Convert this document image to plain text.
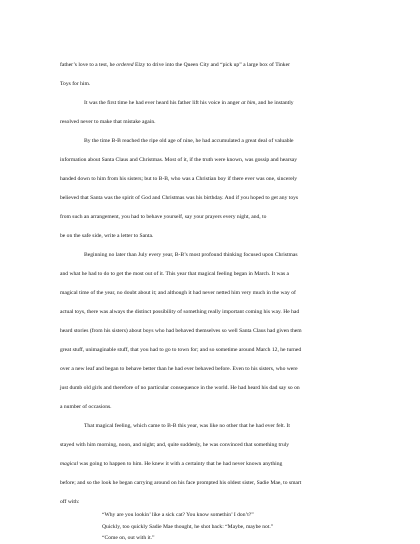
father’s love to a test, he ordered Elzy to drive into the Queen City and “pick up” a large box of Tinker
Toys for him.
It was the first time he had ever heard his father lift his voice in anger at him, and he instantly
resolved never to make that mistake again.
By the time B-B reached the ripe old age of nine, he had accumulated a great deal of valuable
information about Santa Claus and Christmas. Most of it, if the truth were known, was gossip and hearsay
handed down to him from his sisters; but to B-B, who was a Christian boy if there ever was one, sincerely
believed that Santa was the spirit of God and Christmas was his birthday. And if you hoped to get any toys
from such an arrangement, you had to behave yourself, say your prayers every night, and, to
be on the safe side, write a letter to Santa.
Beginning no later than July every year, B-B’s most profound thinking focused upon Christmas
and what he had to do to get the most out of it. This year that magical feeling began in March. It was a
magical time of the year, no doubt about it; and although it had never netted him very much in the way of
actual toys, there was always the distinct possibility of something really important coming his way. He had
heard stories (from his sisters) about boys who had behaved themselves so well Santa Claus had given them
great stuff, unimaginable stuff, that you had to go to town for; and so sometime around March 12, he turned
over a new leaf and began to behave better than he had ever behaved before. Even to his sisters, who were
just dumb old girls and therefore of no particular consequence in the world. He had heard his dad say so on
a number of occasions.
That magical feeling, which came to B-B this year, was like no other that he had ever felt. It
stayed with him morning, noon, and night; and, quite suddenly, he was convinced that something truly
magical was going to happen to him. He knew it with a certainty that he had never known anything
before; and so the look he began carrying around on his face prompted his oldest sister, Sadie Mae, to smart
off with:
“Why are you lookin’ like a sick cat? You know somethin’ I don’t?”
Quickly, too quickly Sadie Mae thought, he shot back: “Maybe, maybe not.”
“Come on, out with it.”
